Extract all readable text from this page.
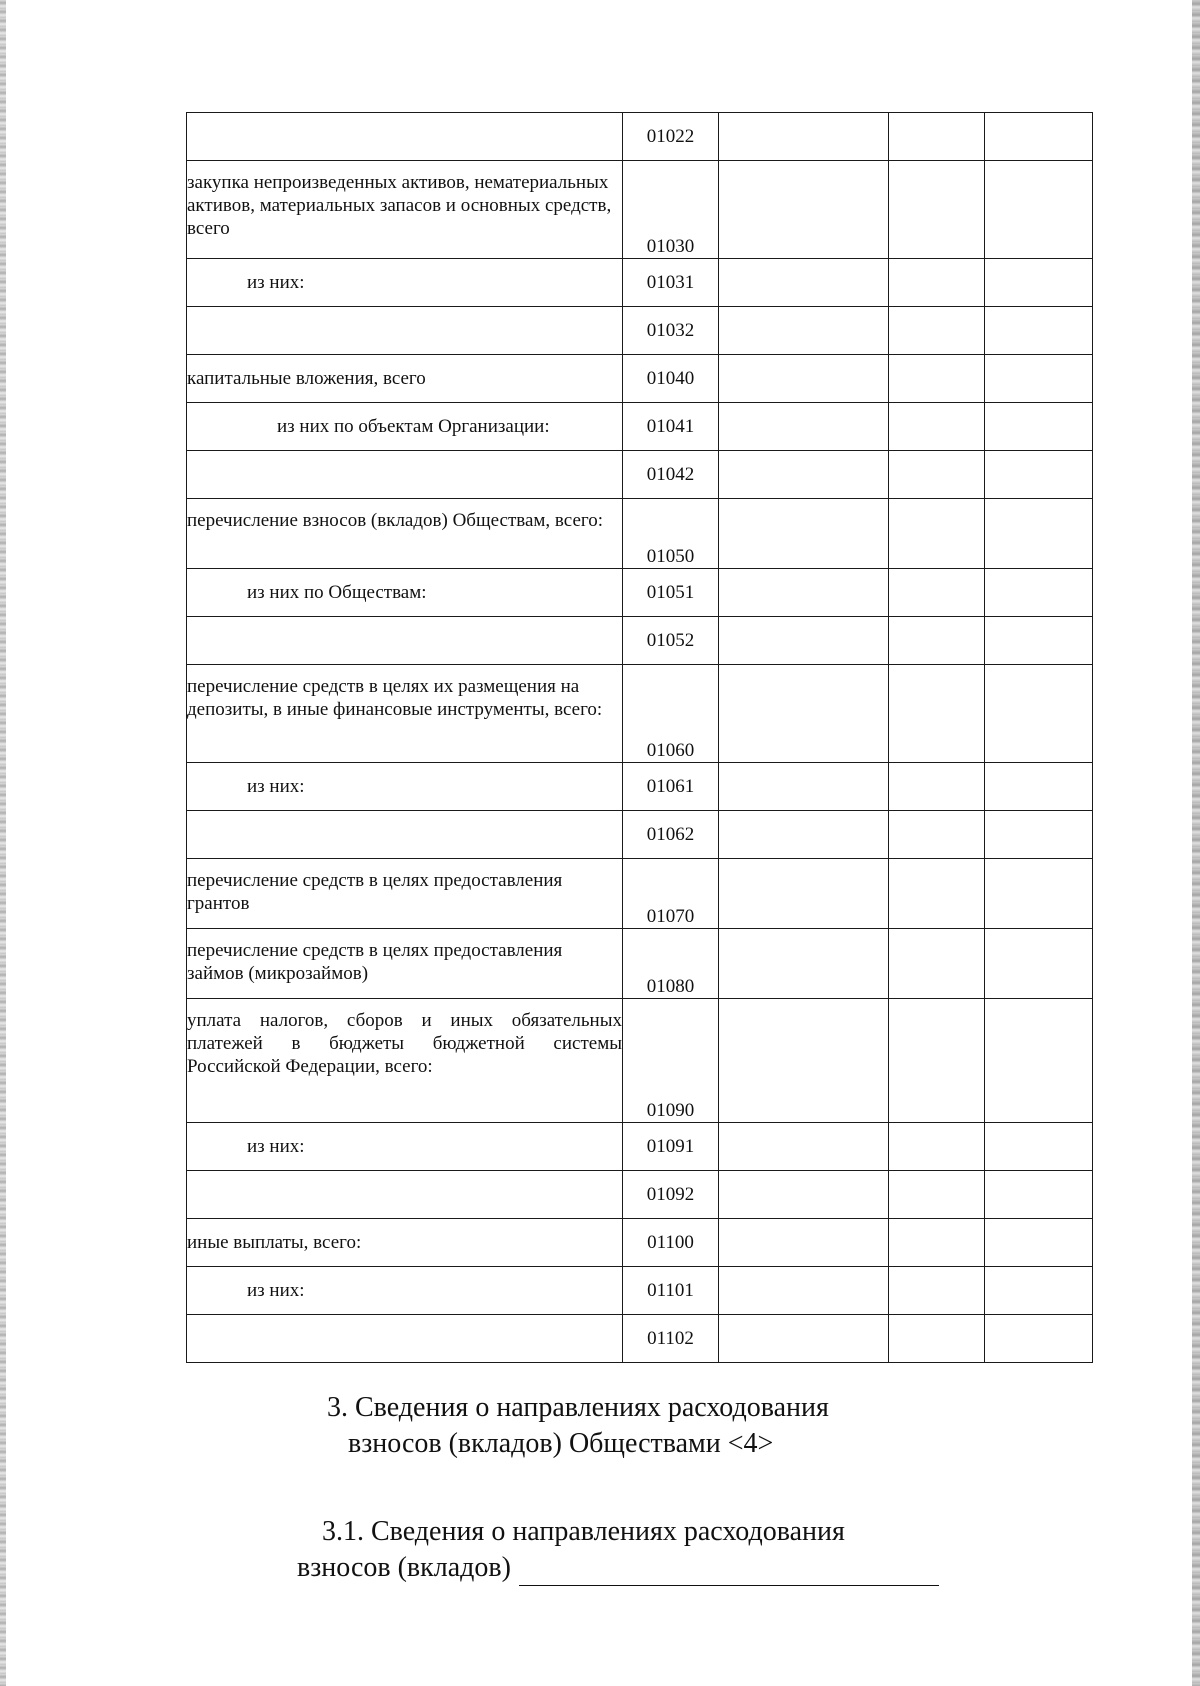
	01022			
закупка непроизведенных активов, нематериальных активов, материальных запасов и основных средств, всего	01030			
из них:	01031			
	01032			
капитальные вложения, всего	01040			
из них по объектам Организации:	01041			
	01042			
перечисление взносов (вкладов) Обществам, всего:	01050			
из них по Обществам:	01051			
	01052			
перечисление средств в целях их размещения на депозиты, в иные финансовые инструменты, всего:	01060			
из них:	01061			
	01062			
перечисление средств в целях предоставления грантов	01070			
перечисление средств в целях предоставления займов (микрозаймов)	01080			
уплата налогов, сборов и иных обязательных платежей в бюджеты бюджетной системы Российской Федерации, всего:	01090			
из них:	01091			
	01092			
иные выплаты, всего:	01100			
из них:	01101			
	01102			
3. Сведения о направлениях расходования
взносов (вкладов) Обществами <4>
3.1. Сведения о направлениях расходования
взносов (вкладов)
